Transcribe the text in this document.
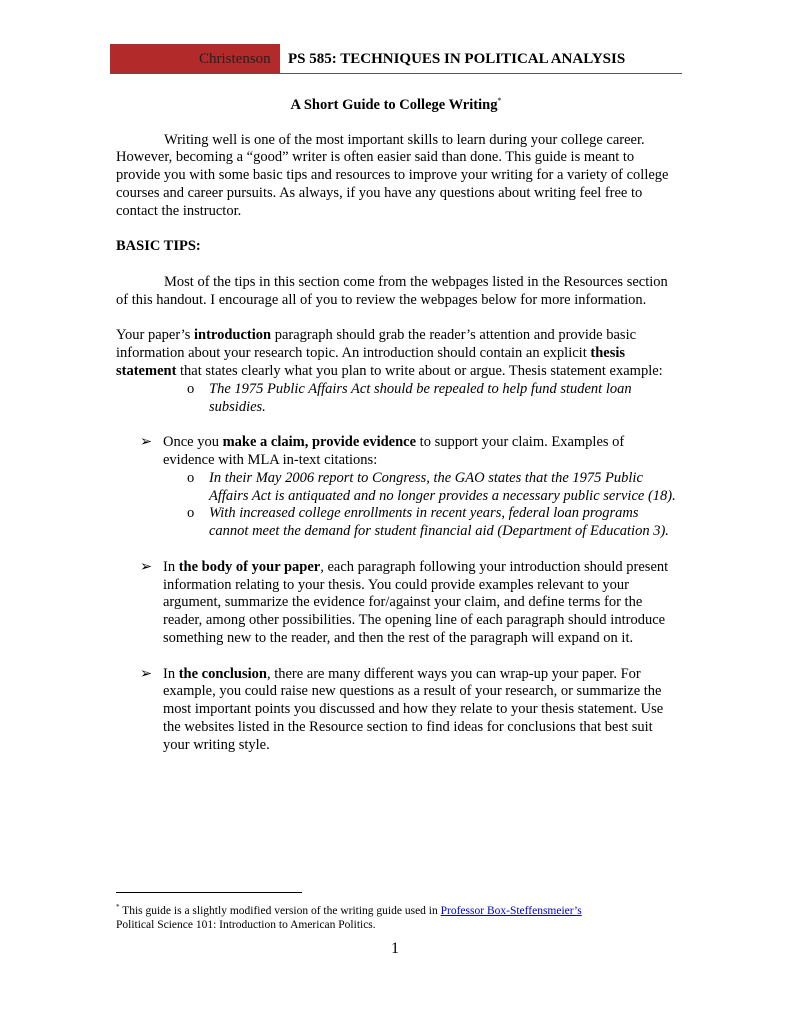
Christenson PS 585: TECHNIQUES IN POLITICAL ANALYSIS

A Short Guide to College Writing*

Writing well is one of the most important skills to learn during your college career. However, becoming a “good” writer is often easier said than done. This guide is meant to provide you with some basic tips and resources to improve your writing for a variety of college courses and career pursuits. As always, if you have any questions about writing feel free to contact the instructor.

BASIC TIPS:

Most of the tips in this section come from the webpages listed in the Resources section of this handout. I encourage all of you to review the webpages below for more information.

Your paper’s introduction paragraph should grab the reader’s attention and provide basic information about your research topic. An introduction should contain an explicit thesis statement that states clearly what you plan to write about or argue. Thesis statement example:

o The 1975 Public Affairs Act should be repealed to help fund student loan subsidies.
➢ Once you make a claim, provide evidence to support your claim. Examples of evidence with MLA in-text citations:
o In their May 2006 report to Congress, the GAO states that the 1975 Public Affairs Act is antiquated and no longer provides a necessary public service (18).
o With increased college enrollments in recent years, federal loan programs cannot meet the demand for student financial aid (Department of Education 3).
➢ In the body of your paper, each paragraph following your introduction should present information relating to your thesis. You could provide examples relevant to your argument, summarize the evidence for/against your claim, and define terms for the reader, among other possibilities. The opening line of each paragraph should introduce something new to the reader, and then the rest of the paragraph will expand on it.
➢ In the conclusion, there are many different ways you can wrap-up your paper. For example, you could raise new questions as a result of your research, or summarize the most important points you discussed and how they relate to your thesis statement. Use the websites listed in the Resource section to find ideas for conclusions that best suit your writing style.
* This guide is a slightly modified version of the writing guide used in Professor Box-Steffensmeier’s
Political Science 101: Introduction to American Politics.
1
